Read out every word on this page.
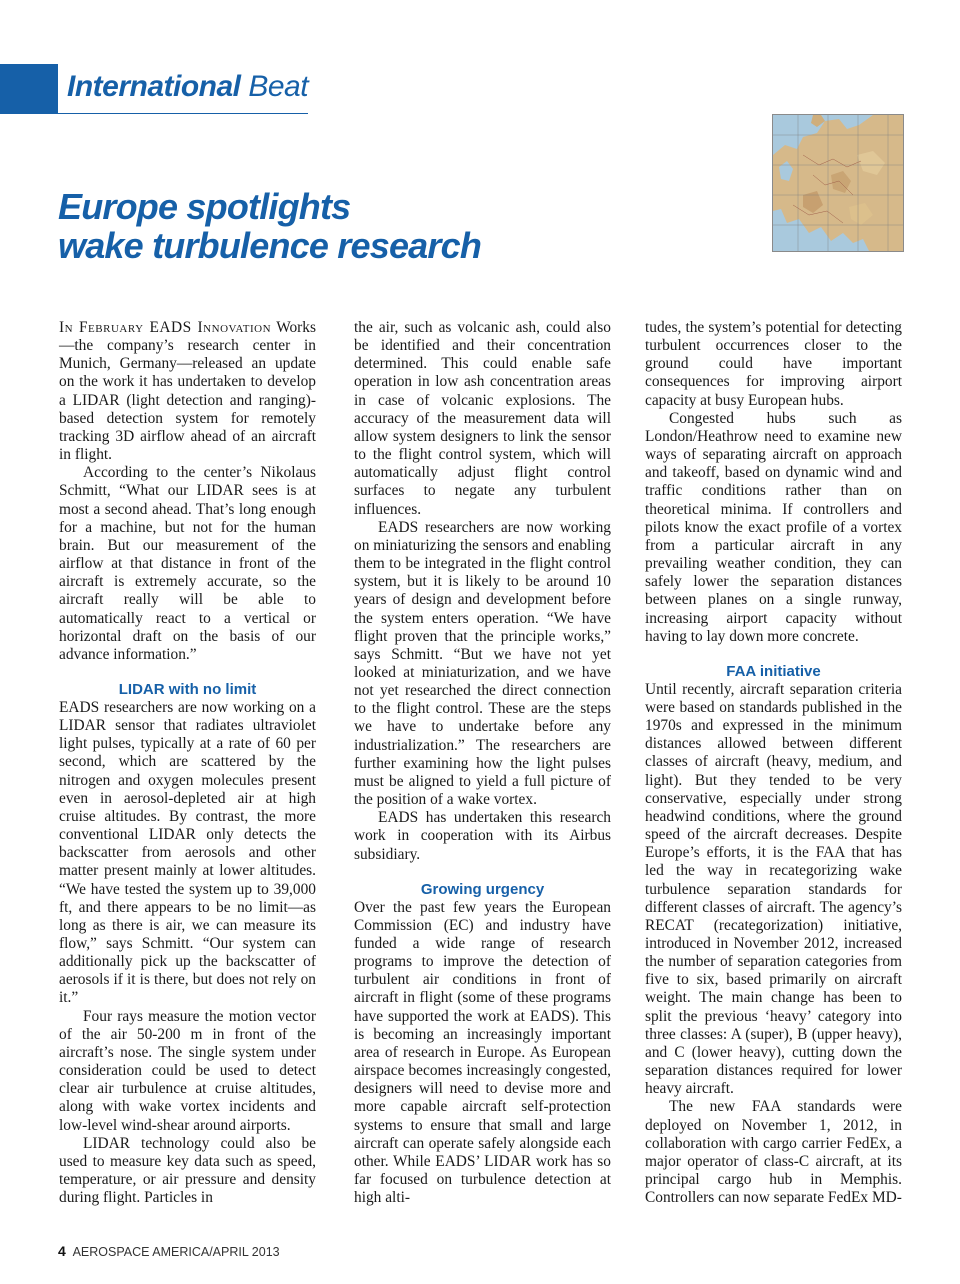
International Beat
Europe spotlights
wake turbulence research

In February EADS Innovation Works—the company’s research center in Munich, Germany—released an update on the work it has undertaken to develop a LIDAR (light detection and ranging)-based detection system for remotely tracking 3D airflow ahead of an aircraft in flight.

According to the center’s Nikolaus Schmitt, “What our LIDAR sees is at most a second ahead. That’s long enough for a machine, but not for the human brain. But our measurement of the airflow at that distance in front of the aircraft is extremely accurate, so the aircraft really will be able to automatically react to a vertical or horizontal draft on the basis of our advance information.”

LIDAR with no limit

EADS researchers are now working on a LIDAR sensor that radiates ultraviolet light pulses, typically at a rate of 60 per second, which are scattered by the nitrogen and oxygen molecules present even in aerosol-depleted air at high cruise altitudes. By contrast, the more conventional LIDAR only detects the backscatter from aerosols and other matter present mainly at lower altitudes. “We have tested the system up to 39,000 ft, and there appears to be no limit—as long as there is air, we can measure its flow,” says Schmitt. “Our system can additionally pick up the backscatter of aerosols if it is there, but does not rely on it.”

Four rays measure the motion vector of the air 50-200 m in front of the aircraft’s nose. The single system under consideration could be used to detect clear air turbulence at cruise altitudes, along with wake vortex incidents and low-level wind-shear around airports.

LIDAR technology could also be used to measure key data such as speed, temperature, or air pressure and density during flight. Particles in

the air, such as volcanic ash, could also be identified and their concentration determined. This could enable safe operation in low ash concentration areas in case of volcanic explosions. The accuracy of the measurement data will allow system designers to link the sensor to the flight control system, which will automatically adjust flight control surfaces to negate any turbulent influences.

EADS researchers are now working on miniaturizing the sensors and enabling them to be integrated in the flight control system, but it is likely to be around 10 years of design and development before the system enters operation. “We have flight proven that the principle works,” says Schmitt. “But we have not yet looked at miniaturization, and we have not yet researched the direct connection to the flight control. These are the steps we have to undertake before any industrialization.” The researchers are further examining how the light pulses must be aligned to yield a full picture of the position of a wake vortex.

EADS has undertaken this research work in cooperation with its Airbus subsidiary.

Growing urgency

Over the past few years the European Commission (EC) and industry have funded a wide range of research programs to improve the detection of turbulent air conditions in front of aircraft in flight (some of these programs have supported the work at EADS). This is becoming an increasingly important area of research in Europe. As European airspace becomes increasingly congested, designers will need to devise more and more capable aircraft self-protection systems to ensure that small and large aircraft can operate safely alongside each other. While EADS’ LIDAR work has so far focused on turbulence detection at high alti-

tudes, the system’s potential for detecting turbulent occurrences closer to the ground could have important consequences for improving airport capacity at busy European hubs.

Congested hubs such as London/Heathrow need to examine new ways of separating aircraft on approach and takeoff, based on dynamic wind and traffic conditions rather than on theoretical minima. If controllers and pilots know the exact profile of a vortex from a particular aircraft in any prevailing weather condition, they can safely lower the separation distances between planes on a single runway, increasing airport capacity without having to lay down more concrete.

FAA initiative

Until recently, aircraft separation criteria were based on standards published in the 1970s and expressed in the minimum distances allowed between different classes of aircraft (heavy, medium, and light). But they tended to be very conservative, especially under strong headwind conditions, where the ground speed of the aircraft decreases. Despite Europe’s efforts, it is the FAA that has led the way in recategorizing wake turbulence separation standards for different classes of aircraft. The agency’s RECAT (recategorization) initiative, introduced in November 2012, increased the number of separation categories from five to six, based primarily on aircraft weight. The main change has been to split the previous ‘heavy’ category into three classes: A (super), B (upper heavy), and C (lower heavy), cutting down the separation distances required for lower heavy aircraft.

The new FAA standards were deployed on November 1, 2012, in collaboration with cargo carrier FedEx, a major operator of class-C aircraft, at its principal cargo hub in Memphis. Controllers can now separate FedEx MD-

4 AEROSPACE AMERICA/APRIL 2013
